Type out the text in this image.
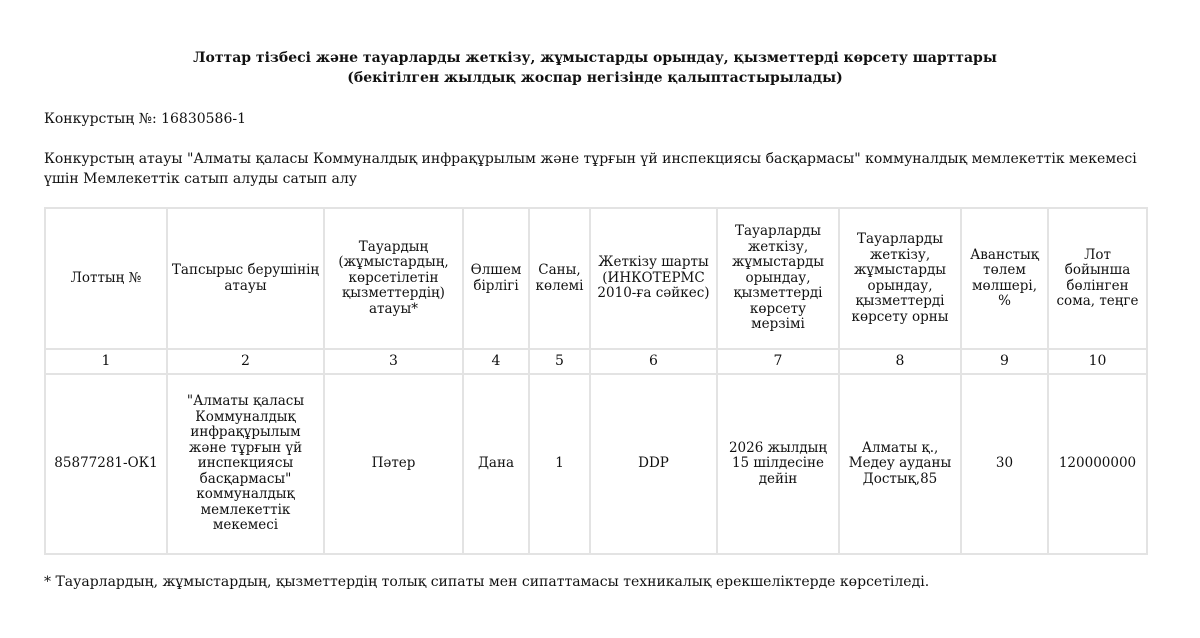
Лоттар тізбесі және тауарларды жеткізу, жұмыстарды орындау, қызметтерді көрсету шарттары
(бекітілген жылдық жоспар негізінде қалыптастырылады)
Конкурстың №: 16830586-1
Конкурстың атауы "Алматы қаласы Коммуналдық инфрақұрылым және тұрғын үй инспекциясы басқармасы" коммуналдық мемлекеттік мекемесі үшін Мемлекеттік сатып алуды сатып алу
Лоттың №	Тапсырыс берушінің атауы	Тауардың (жұмыстардың, көрсетілетін қызметтердің) атауы*	Өлшем бірлігі	Саны, көлемі	Жеткізу шарты (ИНКОТЕРМС 2010-ға сәйкес)	Тауарларды жеткізу, жұмыстарды орындау, қызметтерді көрсету мерзімі	Тауарларды жеткізу, жұмыстарды орындау, қызметтерді көрсету орны	Аванстық төлем мөлшері, %	Лот бойынша бөлінген сома, теңге
1	2	3	4	5	6	7	8	9	10
85877281-ОК1	"Алматы қаласы Коммуналдық инфрақұрылым және тұрғын үй инспекциясы басқармасы" коммуналдық мемлекеттік мекемесі	Пәтер	Дана	1	DDP	2026 жылдың 15 шілдесіне дейін	Алматы қ., Медеу ауданы Достық,85	30	120000000
* Тауарлардың, жұмыстардың, қызметтердің толық сипаты мен сипаттамасы техникалық ерекшеліктерде көрсетіледі.
